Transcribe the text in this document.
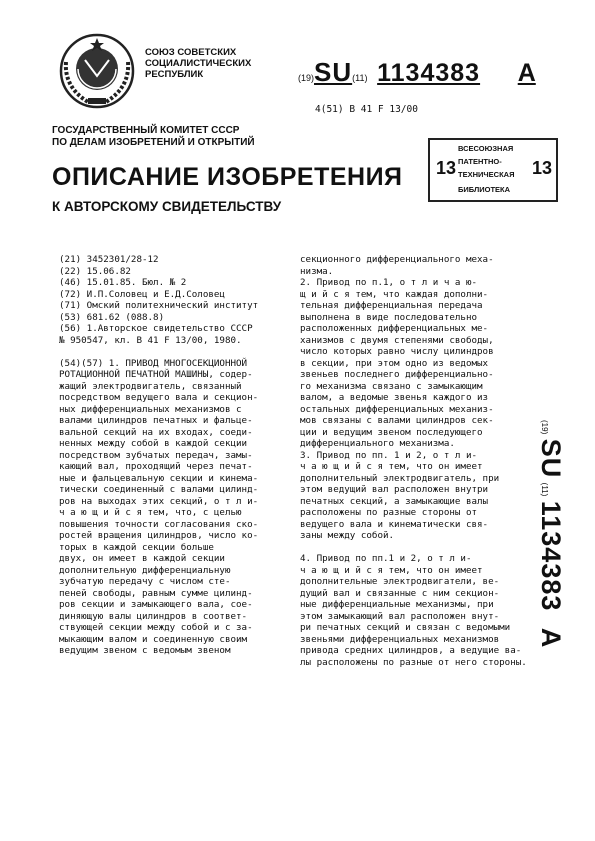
СОЮЗ СОВЕТСКИХ
СОЦИАЛИСТИЧЕСКИХ
РЕСПУБЛИК	(19)SU(11) 1134383 A
4(51) B 41 F 13/00
ГОСУДАРСТВЕННЫЙ КОМИТЕТ СССР
ПО ДЕЛАМ ИЗОБРЕТЕНИЙ И ОТКРЫТИЙ
ОПИСАНИЕ ИЗОБРЕТЕНИЯ
К АВТОРСКОМУ СВИДЕТЕЛЬСТВУ
13	13
ВСЕСОЮЗНАЯ
ПАТЕНТНО-
ТЕХНИЧЕСКАЯ
БИБЛИОТЕКА
(21) 3452301/28-12
(22) 15.06.82
(46) 15.01.85. Бюл. № 2
(72) И.П.Соловец и Е.Д.Соловец
(71) Омский политехнический институт
(53) 681.62 (088.8)
(56) 1.Авторское свидетельство СССР
№ 950547, кл. B 41 F 13/00, 1980.
(54)(57) 1. ПРИВОД МНОГОСЕКЦИОННОЙ
РОТАЦИОННОЙ ПЕЧАТНОЙ МАШИНЫ, содер-
жащий электродвигатель, связанный
посредством ведущего вала и секцион-
ных дифференциальных механизмов с
валами цилиндров печатных и фальце-
вальной секций на их входах, соеди-
ненных между собой в каждой секции
посредством зубчатых передач, замы-
кающий вал, проходящий через печат-
ные и фальцевальную секции и кинема-
тически соединенный с валами цилинд-
ров на выходах этих секций, о т л и-
ч а ю щ и й с я тем, что, с целью
повышения точности согласования ско-
ростей вращения цилиндров, число ко-
торых в каждой секции больше
двух, он имеет в каждой секции
дополнительную дифференциальную
зубчатую передачу с числом сте-
пеней свободы, равным сумме цилинд-
ров секции и замыкающего вала, сое-
диняющую валы цилиндров в соответ-
ствующей секции между собой и с за-
мыкающим валом и соединенную своим
ведущим звеном с ведомым звеном
секционного дифференциального меха-
низма.
2. Привод по п.1, о т л и ч а ю-
щ и й с я тем, что каждая дополни-
тельная дифференциальная передача
выполнена в виде последовательно
расположенных дифференциальных ме-
ханизмов с двумя степенями свободы,
число которых равно числу цилиндров
в секции, при этом одно из ведомых
звеньев последнего дифференциально-
го механизма связано с замыкающим
валом, а ведомые звенья каждого из
остальных дифференциальных механиз-
мов связаны с валами цилиндров сек-
ции и ведущим звеном последующего
дифференциального механизма.
3. Привод по пп. 1 и 2, о т л и-
ч а ю щ и й с я тем, что он имеет
дополнительный электродвигатель, при
этом ведущий вал расположен внутри
печатных секций, а замыкающие валы
расположены по разные стороны от
ведущего вала и кинематически свя-
заны между собой.
4. Привод по пп.1 и 2, о т л и-
ч а ю щ и й с я тем, что он имеет
дополнительные электродвигатели, ве-
дущий вал и связанные с ним секцион-
ные дифференциальные механизмы, при
этом замыкающий вал расположен внут-
ри печатных секций и связан с ведомыми
звеньями дифференциальных механизмов
привода средних цилиндров, а ведущие ва-
лы расположены по разные от него стороны.
(19) SU (11) 1134383 A
